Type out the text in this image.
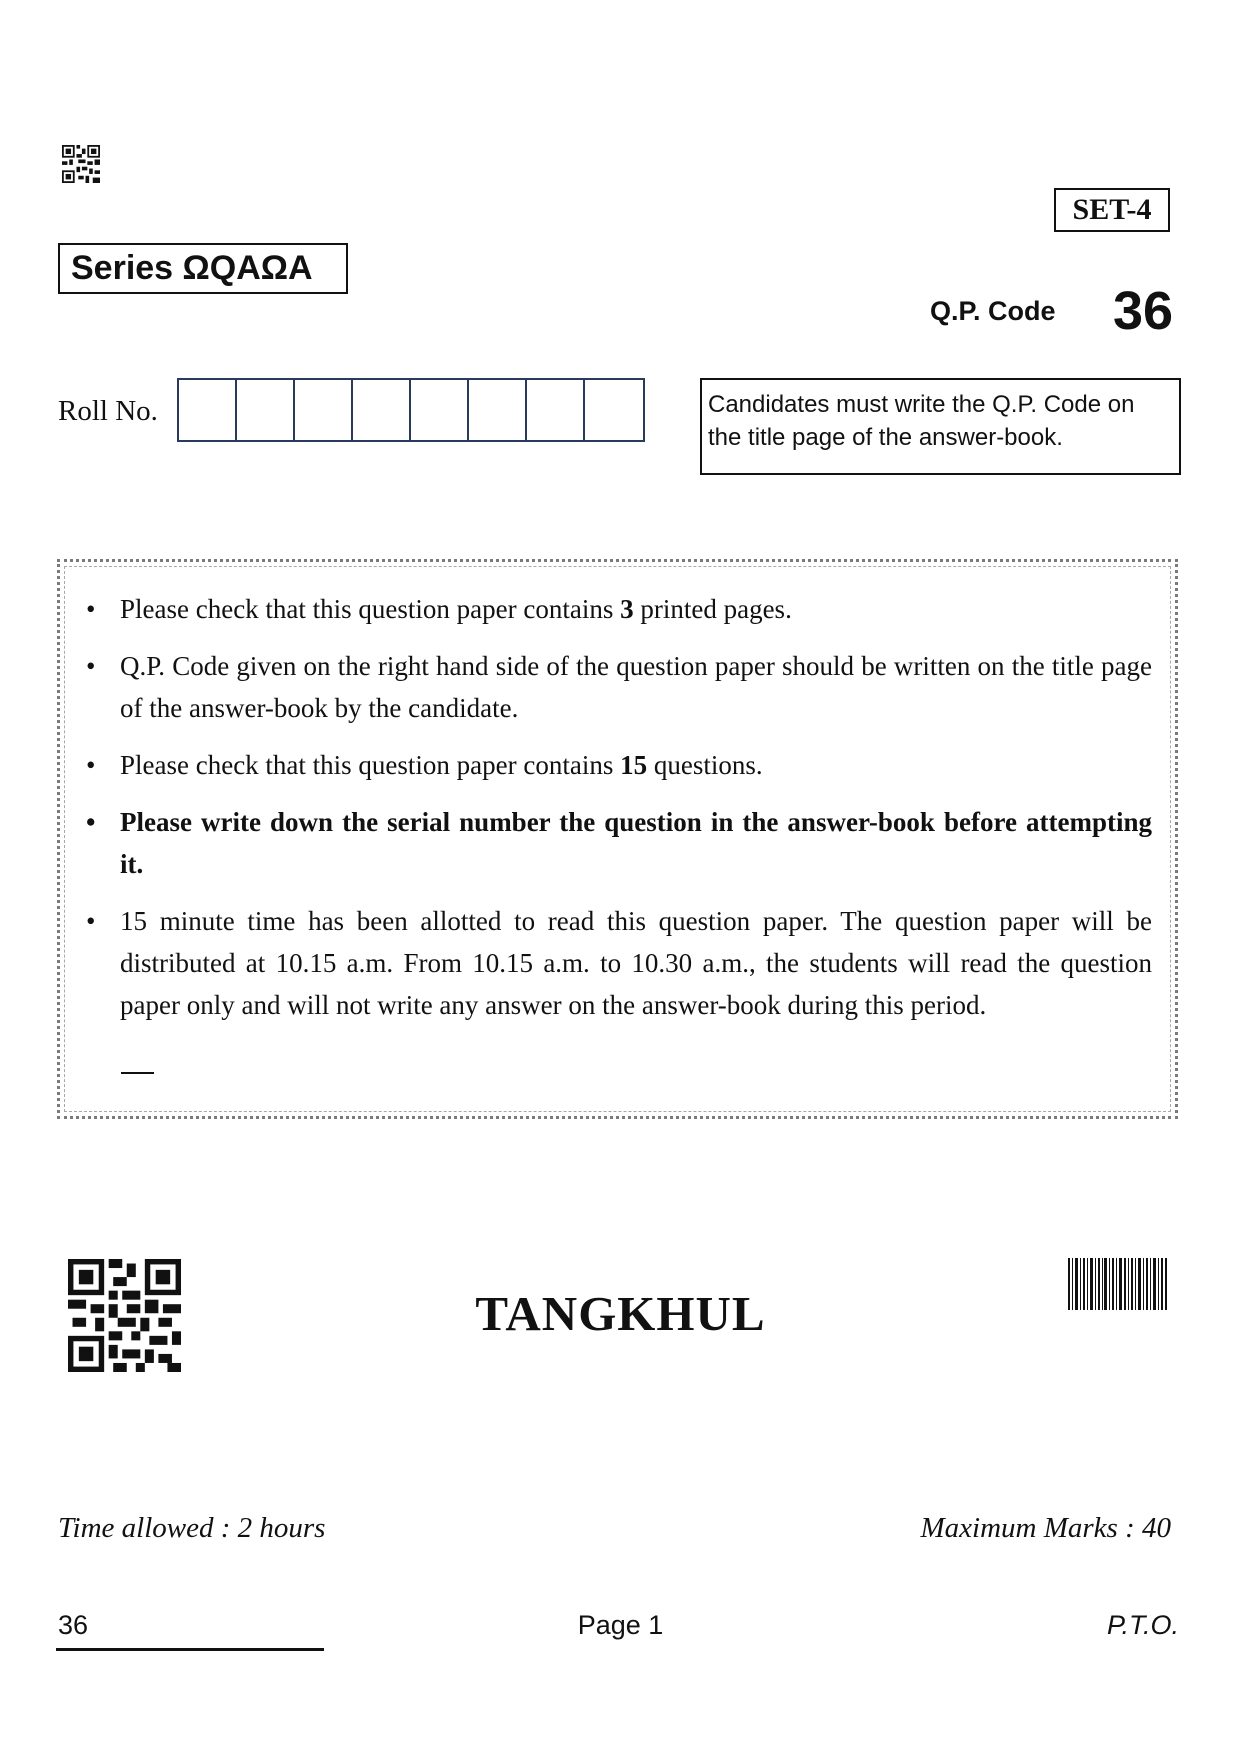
SET-4
Series ΩQAΩA
Q.P. Code 36
Roll No.	Candidates must write the Q.P. Code on the title page of the answer-book.
• Please check that this question paper contains 3 printed pages.
• Q.P. Code given on the right hand side of the question paper should be written on the title page of the answer-book by the candidate.
• Please check that this question paper contains 15 questions.
• Please write down the serial number the question in the answer-book before attempting it.
• 15 minute time has been allotted to read this question paper. The question paper will be distributed at 10.15 a.m. From 10.15 a.m. to 10.30 a.m., the students will read the question paper only and will not write any answer on the answer-book during this period.
TANGKHUL
Time allowed : 2 hours	Maximum Marks : 40
36	Page 1	P.T.O.
